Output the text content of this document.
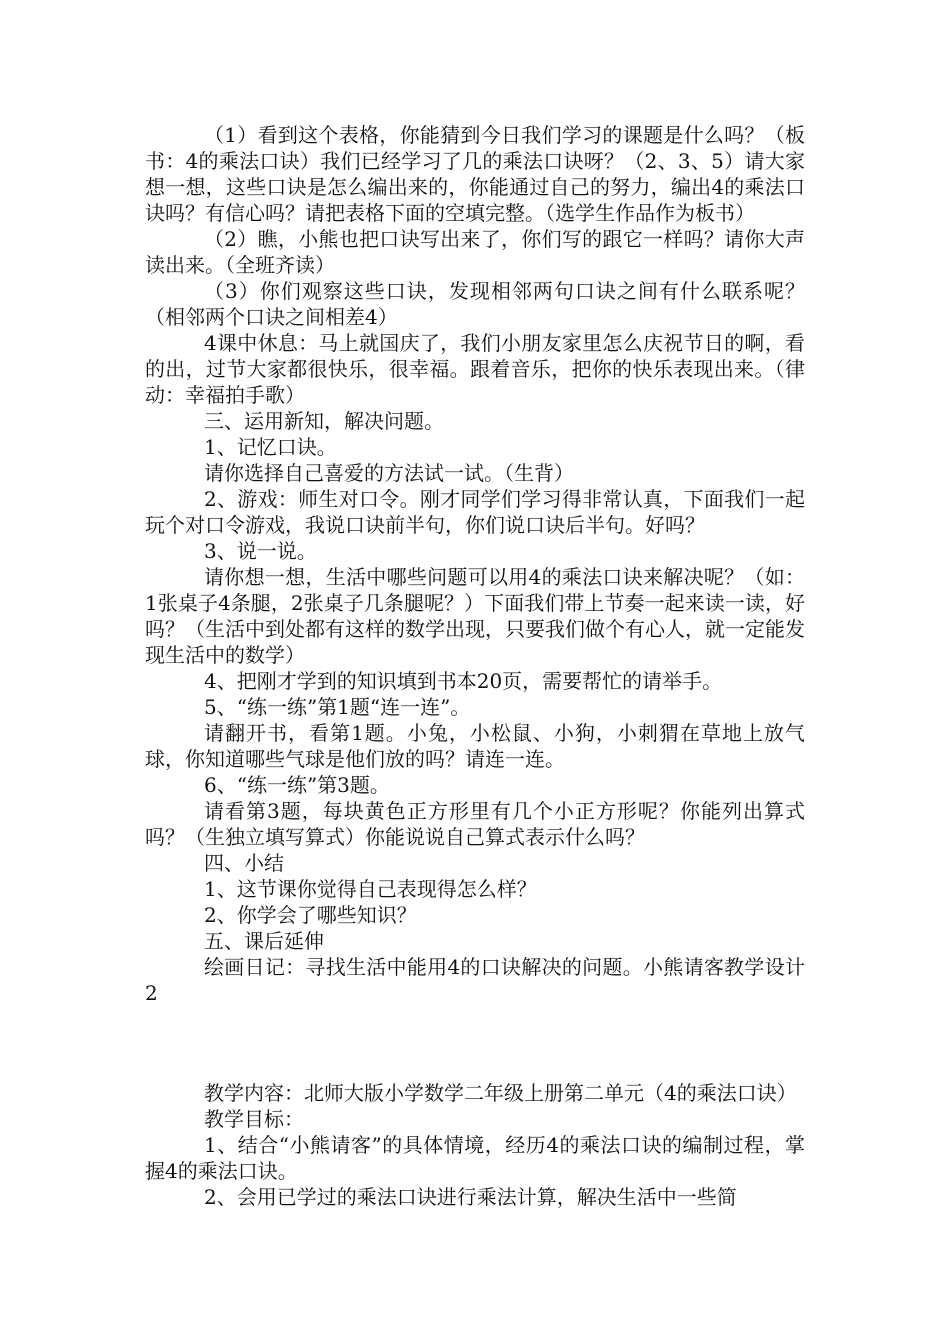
（1）看到这个表格，你能猜到今日我们学习的课题是什么吗？（板书：4的乘法口诀）我们已经学习了几的乘法口诀呀？（2、3、5）请大家想一想，这些口诀是怎么编出来的，你能通过自己的努力，编出4的乘法口诀吗？有信心吗？请把表格下面的空填完整。（选学生作品作为板书）

（2）瞧，小熊也把口诀写出来了，你们写的跟它一样吗？请你大声读出来。（全班齐读）

（3）你们观察这些口诀，发现相邻两句口诀之间有什么联系呢？（相邻两个口诀之间相差4）

4课中休息：马上就国庆了，我们小朋友家里怎么庆祝节日的啊，看的出，过节大家都很快乐，很幸福。跟着音乐，把你的快乐表现出来。（律动：幸福拍手歌）

三、运用新知，解决问题。

1、记忆口诀。

请你选择自己喜爱的方法试一试。（生背）

2、游戏：师生对口令。刚才同学们学习得非常认真，下面我们一起玩个对口令游戏，我说口诀前半句，你们说口诀后半句。好吗？

3、说一说。

请你想一想，生活中哪些问题可以用4的乘法口诀来解决呢？（如：1张桌子4条腿，2张桌子几条腿呢？）下面我们带上节奏一起来读一读，好吗？（生活中到处都有这样的数学出现，只要我们做个有心人，就一定能发现生活中的数学）

4、把刚才学到的知识填到书本20页，需要帮忙的请举手。

5、“练一练”第1题“连一连”。

请翻开书，看第1题。小兔，小松鼠、小狗，小刺猬在草地上放气球，你知道哪些气球是他们放的吗？请连一连。

6、“练一练”第3题。

请看第3题，每块黄色正方形里有几个小正方形呢？你能列出算式吗？（生独立填写算式）你能说说自己算式表示什么吗？

四、小结

1、这节课你觉得自己表现得怎么样？

2、你学会了哪些知识？

五、课后延伸

绘画日记：寻找生活中能用4的口诀解决的问题。小熊请客教学设计2

教学内容：北师大版小学数学二年级上册第二单元（4的乘法口诀）

教学目标：

1、结合“小熊请客”的具体情境，经历4的乘法口诀的编制过程，掌握4的乘法口诀。

2、会用已学过的乘法口诀进行乘法计算，解决生活中一些简
